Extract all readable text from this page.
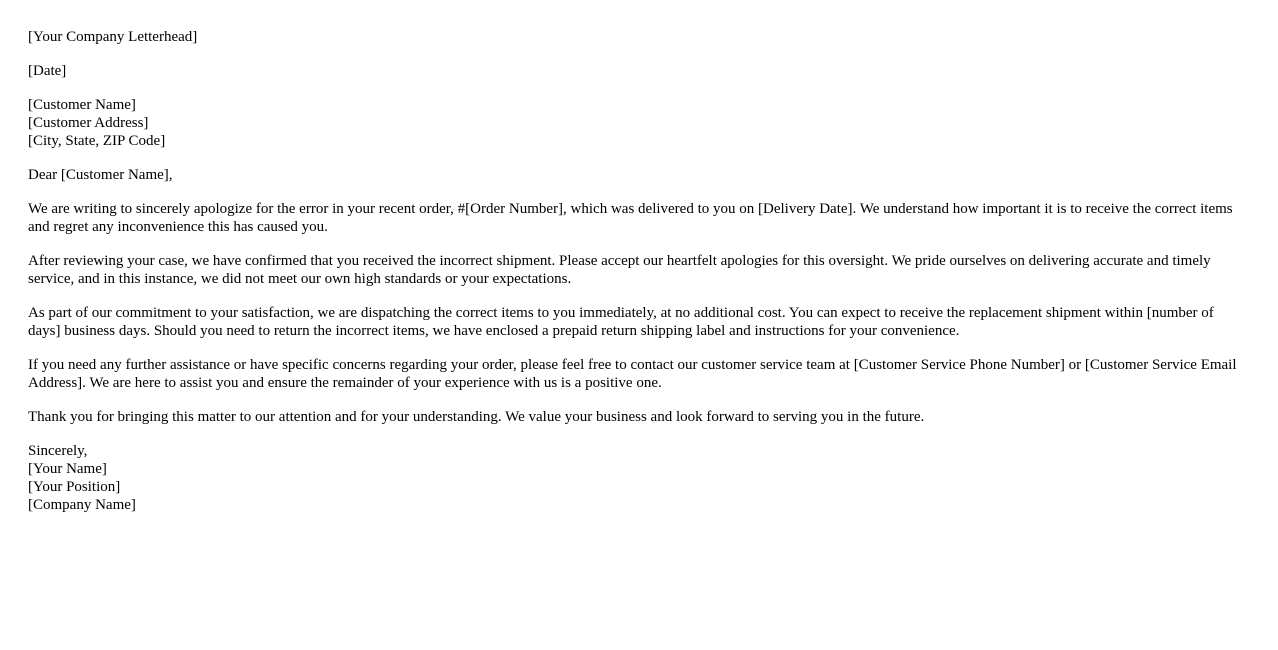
[Your Company Letterhead]

[Date]

[Customer Name]
[Customer Address]
[City, State, ZIP Code]

Dear [Customer Name],

We are writing to sincerely apologize for the error in your recent order, #[Order Number], which was delivered to you on [Delivery Date]. We understand how important it is to receive the correct items and regret any inconvenience this has caused you.

After reviewing your case, we have confirmed that you received the incorrect shipment. Please accept our heartfelt apologies for this oversight. We pride ourselves on delivering accurate and timely service, and in this instance, we did not meet our own high standards or your expectations.

As part of our commitment to your satisfaction, we are dispatching the correct items to you immediately, at no additional cost. You can expect to receive the replacement shipment within [number of days] business days. Should you need to return the incorrect items, we have enclosed a prepaid return shipping label and instructions for your convenience.

If you need any further assistance or have specific concerns regarding your order, please feel free to contact our customer service team at [Customer Service Phone Number] or [Customer Service Email Address]. We are here to assist you and ensure the remainder of your experience with us is a positive one.

Thank you for bringing this matter to our attention and for your understanding. We value your business and look forward to serving you in the future.

Sincerely,
[Your Name]
[Your Position]
[Company Name]
